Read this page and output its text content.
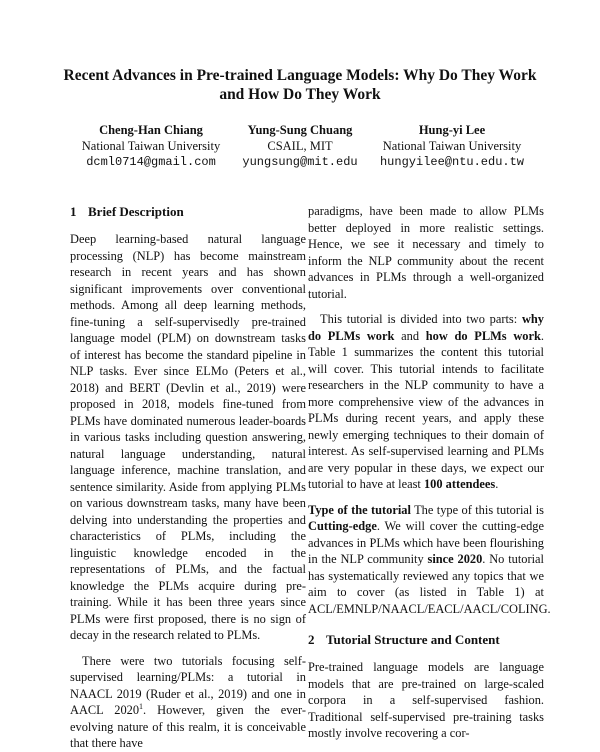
Recent Advances in Pre-trained Language Models: Why Do They Work and How Do They Work
Cheng-Han Chiang
National Taiwan University
dcml0714@gmail.com
Yung-Sung Chuang
CSAIL, MIT
yungsung@mit.edu
Hung-yi Lee
National Taiwan University
hungyilee@ntu.edu.tw
1 Brief Description

Deep learning-based natural language processing (NLP) has become mainstream research in recent years and has shown significant improvements over conventional methods. Among all deep learning methods, fine-tuning a self-supervisedly pre-trained language model (PLM) on downstream tasks of interest has become the standard pipeline in NLP tasks. Ever since ELMo (Peters et al., 2018) and BERT (Devlin et al., 2019) were proposed in 2018, models fine-tuned from PLMs have dominated numerous leader-boards in various tasks including question answering, natural language understanding, natural language inference, machine translation, and sentence similarity. Aside from applying PLMs on various downstream tasks, many have been delving into understanding the properties and characteristics of PLMs, including the linguistic knowledge encoded in the representations of PLMs, and the factual knowledge the PLMs acquire during pre-training. While it has been three years since PLMs were first proposed, there is no sign of decay in the research related to PLMs.

There were two tutorials focusing self-supervised learning/PLMs: a tutorial in NAACL 2019 (Ruder et al., 2019) and one in AACL 2020$^1$. However, given the ever-evolving nature of this realm, it is conceivable that there have

paradigms, have been made to allow PLMs better deployed in more realistic settings. Hence, we see it necessary and timely to inform the NLP community about the recent advances in PLMs through a well-organized tutorial.

This tutorial is divided into two parts: why do PLMs work and how do PLMs work. Table 1 summarizes the content this tutorial will cover. This tutorial intends to facilitate researchers in the NLP community to have a more comprehensive view of the advances in PLMs during recent years, and apply these newly emerging techniques to their domain of interest. As self-supervised learning and PLMs are very popular in these days, we expect our tutorial to have at least 100 attendees.

Type of the tutorial The type of this tutorial is Cutting-edge. We will cover the cutting-edge advances in PLMs which have been flourishing in the NLP community since 2020. No tutorial has systematically reviewed any topics that we aim to cover (as listed in Table 1) at ACL/EMNLP/NAACL/EACL/AACL/COLING.

2 Tutorial Structure and Content

Pre-trained language models are language models that are pre-trained on large-scaled corpora in a self-supervised fashion. Traditional self-supervised pre-training tasks mostly involve recovering a cor-
